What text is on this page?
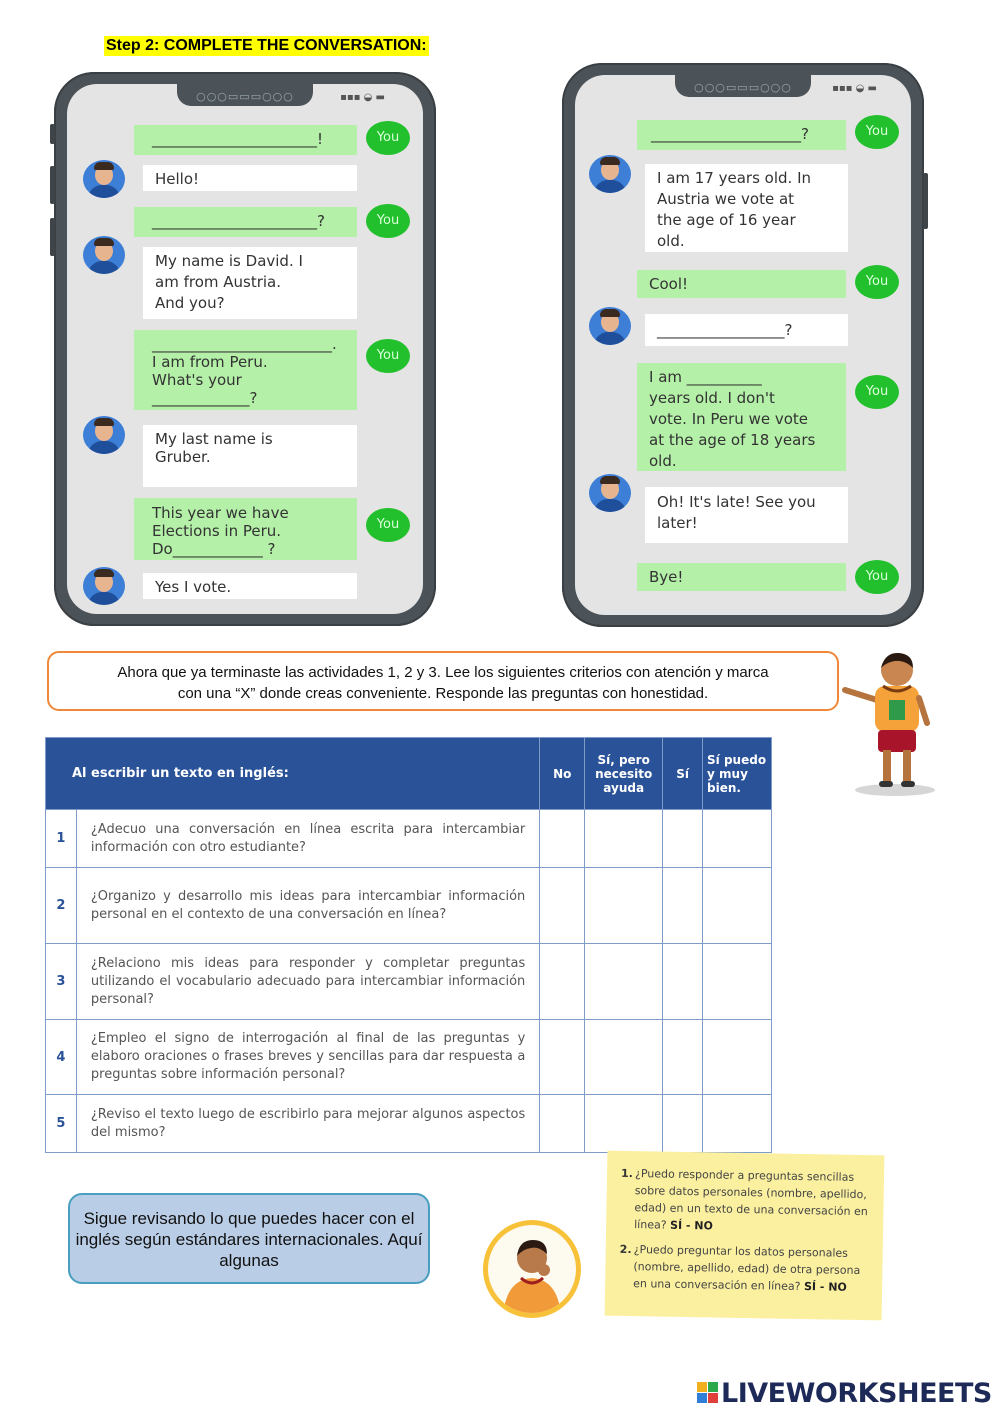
Step 2: COMPLETE THE CONVERSATION:
○○○▭▭▭○○○	▪▪▪ ◒ ▬
______________________!	You
Hello!
______________________?	You
My name is David. I
am from Austria.
And you?
________________________.
I am from Peru.
What's your
_____________?
You
My last name is
Gruber.
This year we have
Elections in Peru.
Do____________ ?
You
Yes I vote.
○○○▭▭▭○○○	▪▪▪ ◒ ▬
____________________?	You
I am 17 years old. In
Austria we vote at
the age of 16 year
old.
Cool!	You
_________________?
I am __________
years old. I don't
vote. In Peru we vote
at the age of 18 years
old.
You
Oh! It's late! See you
later!
Bye!	You
Ahora que ya terminaste las actividades 1, 2 y 3. Lee los siguientes criterios con atención y marca
con una “X” donde creas conveniente. Responde las preguntas con honestidad.
Al escribir un texto en inglés:		No	Sí, pero necesito ayuda	Sí	Sí puedo y muy bien.
1	¿Adecuo una conversación en línea escrita para intercambiar información con otro estudiante?				
2	¿Organizo y desarrollo mis ideas para intercambiar información personal en el contexto de una conversación en línea?				
3	¿Relaciono mis ideas para responder y completar preguntas utilizando el vocabulario adecuado para intercambiar información personal?				
4	¿Empleo el signo de interrogación al final de las preguntas y elaboro oraciones o frases breves y sencillas para dar respuesta a preguntas sobre información personal?				
5	¿Reviso el texto luego de escribirlo para mejorar algunos aspectos del mismo?				
Sigue revisando lo que puedes hacer con el inglés según estándares internacionales. Aquí algunas
1. ¿Puedo responder a preguntas sencillas sobre datos personales (nombre, apellido, edad) en un texto de una conversación en línea? SÍ - NO
2. ¿Puedo preguntar los datos personales (nombre, apellido, edad) de otra persona en una conversación en línea? SÍ - NO
LIVEWORKSHEETS
